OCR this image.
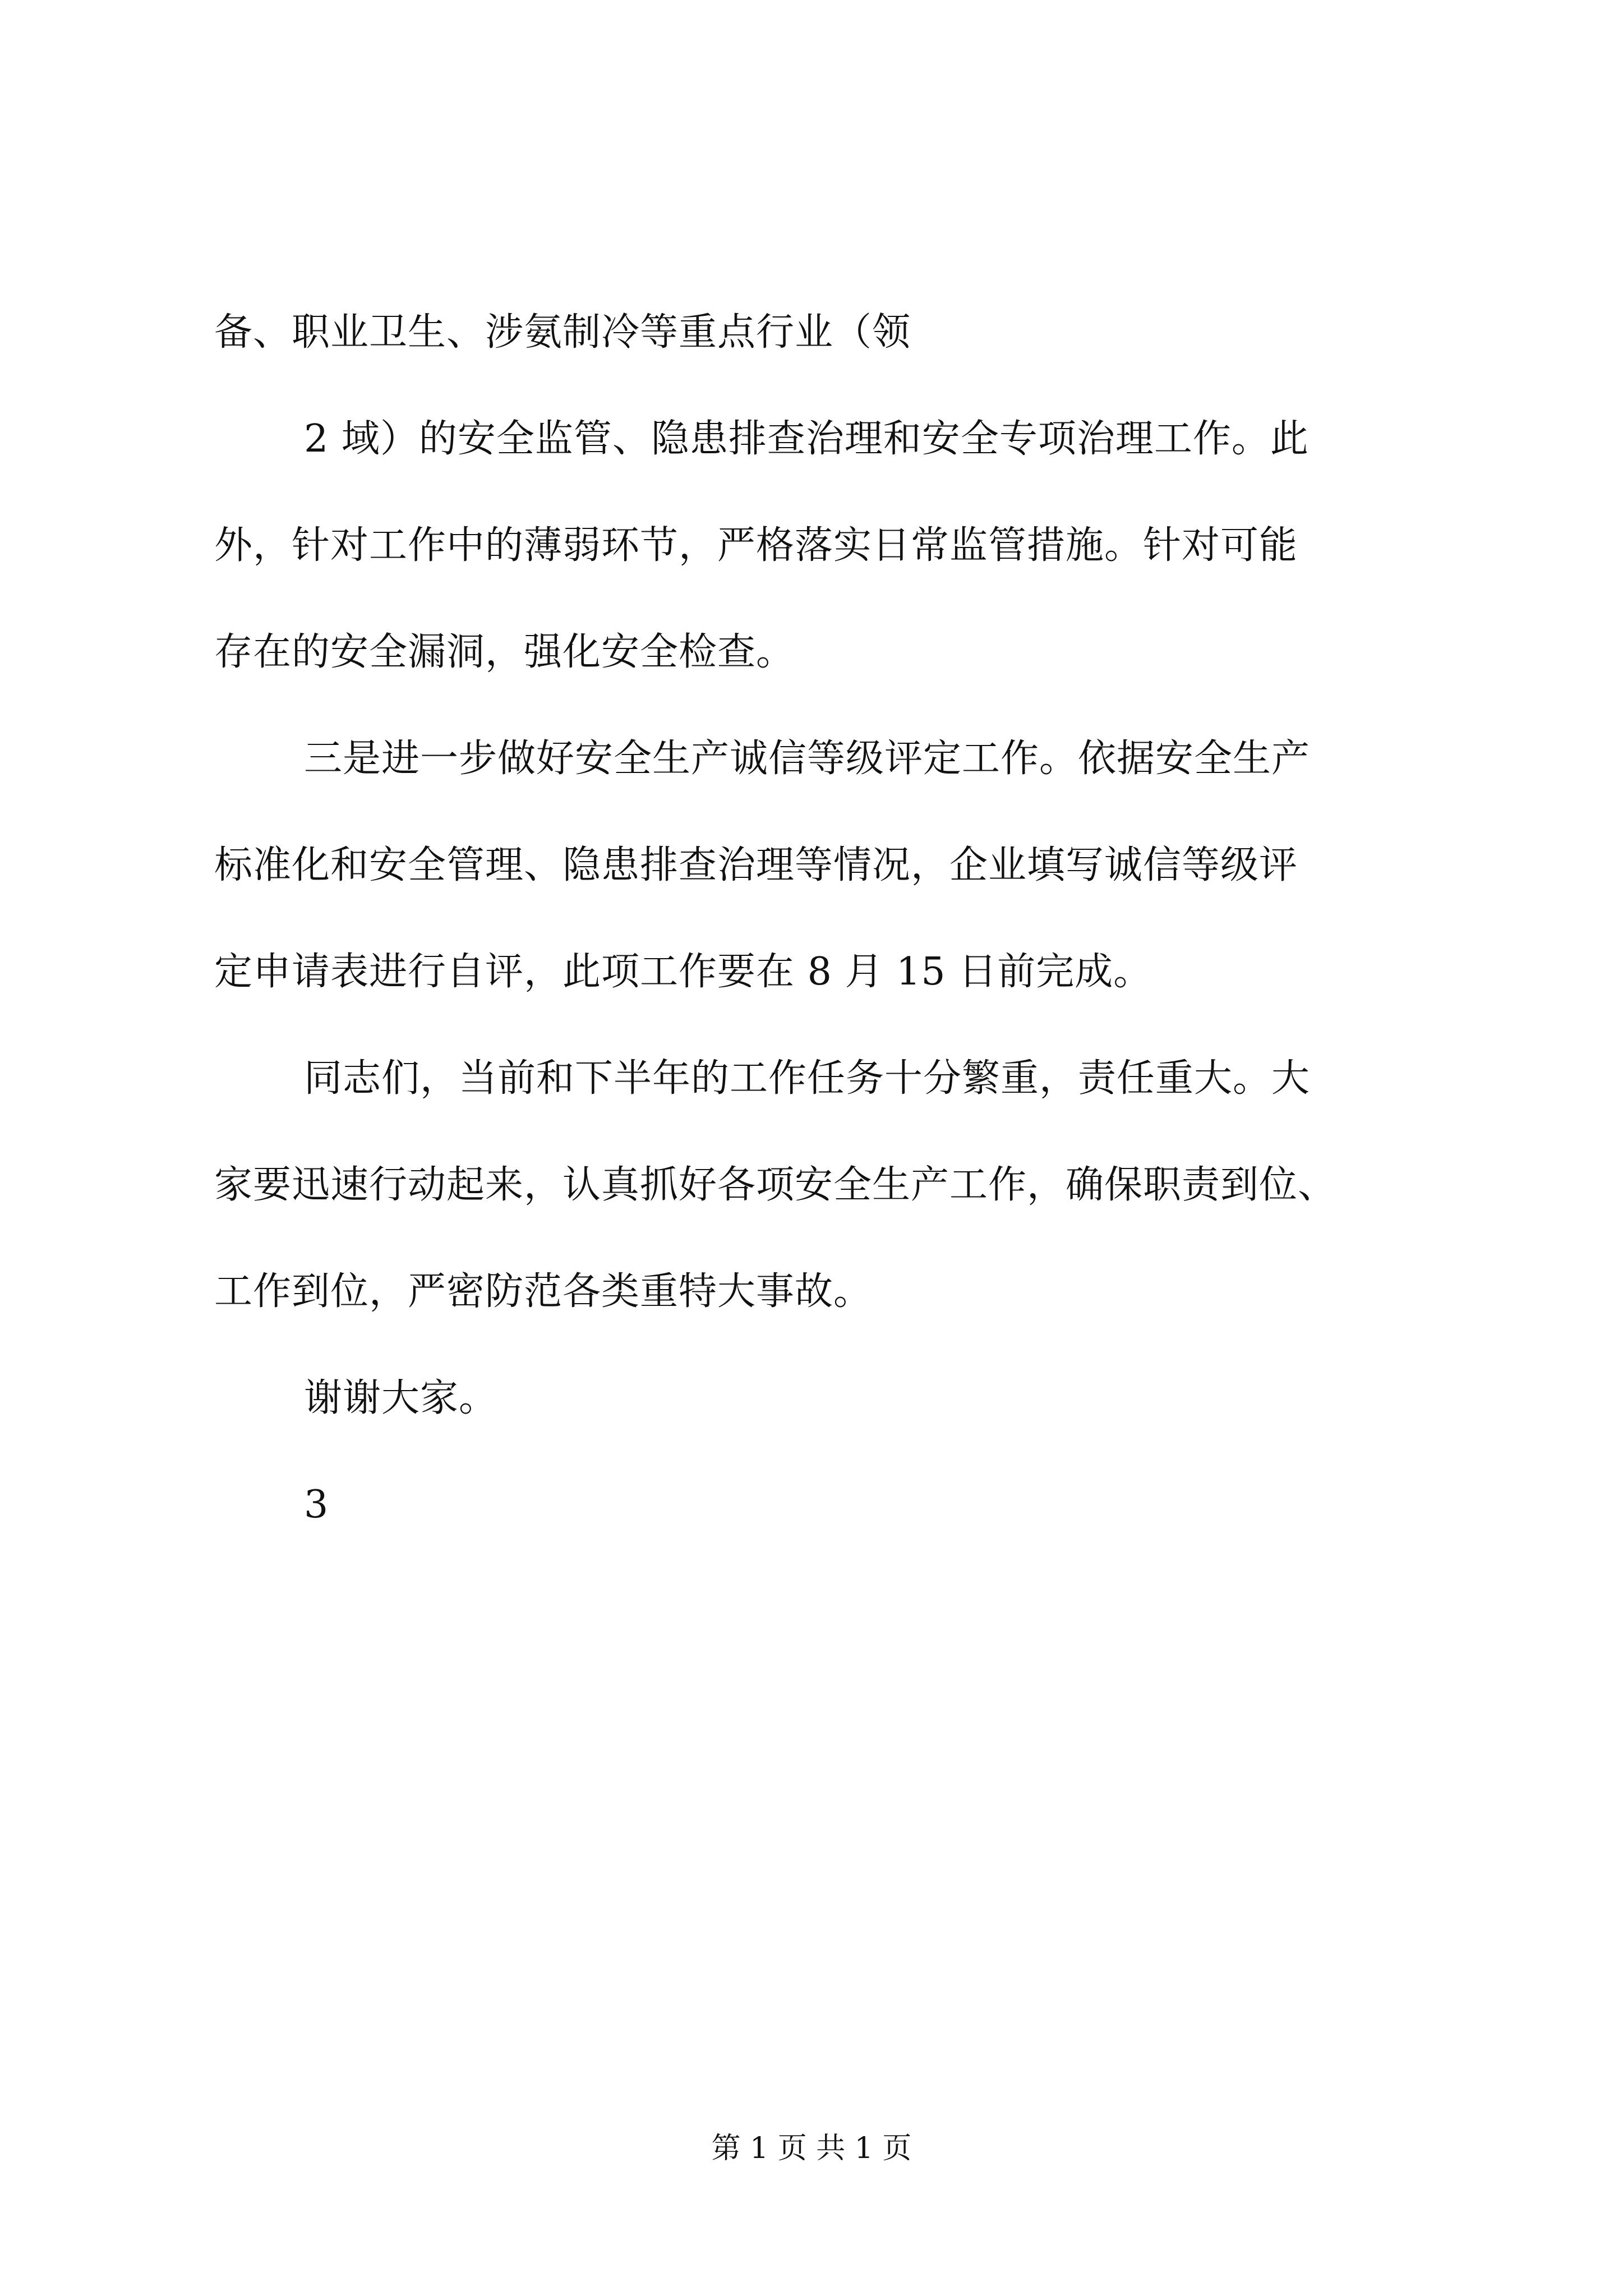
备、职业卫生、涉氨制冷等重点行业（领
2 域）的安全监管、隐患排查治理和安全专项治理工作。此
外，针对工作中的薄弱环节，严格落实日常监管措施。针对可能
存在的安全漏洞，强化安全检查。
三是进一步做好安全生产诚信等级评定工作。依据安全生产
标准化和安全管理、隐患排查治理等情况，企业填写诚信等级评
定申请表进行自评，此项工作要在 8 月 15 日前完成。
同志们，当前和下半年的工作任务十分繁重，责任重大。大
家要迅速行动起来，认真抓好各项安全生产工作，确保职责到位、
工作到位，严密防范各类重特大事故。
谢谢大家。
3
第 1 页 共 1 页
